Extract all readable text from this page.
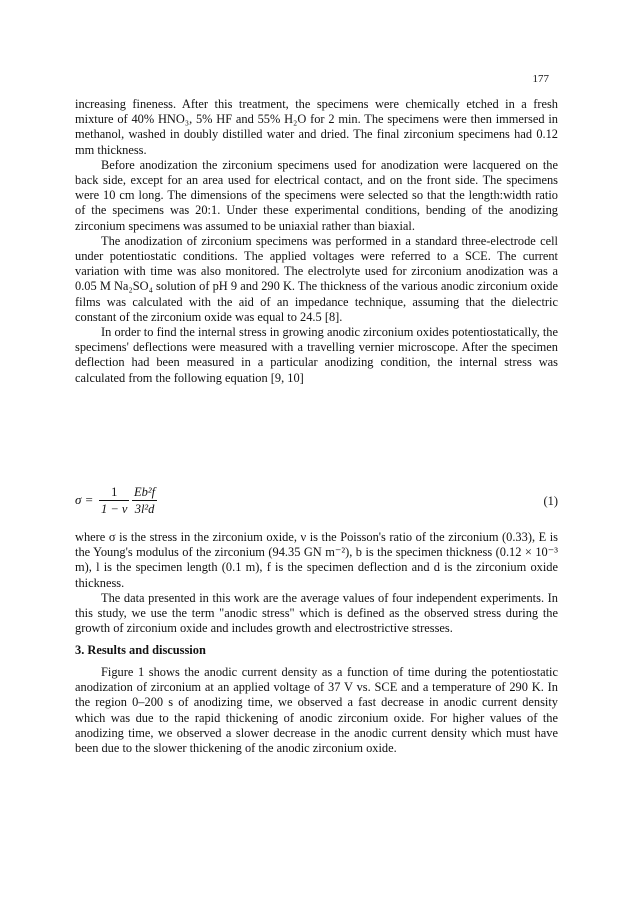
177

increasing fineness. After this treatment, the specimens were chemically etched in a fresh mixture of 40% HNO₃, 5% HF and 55% H₂O for 2 min. The specimens were then immersed in methanol, washed in doubly distilled water and dried. The final zirconium specimens had 0.12 mm thickness.

Before anodization the zirconium specimens used for anodization were lacquered on the back side, except for an area used for electrical contact, and on the front side. The specimens were 10 cm long. The dimensions of the specimens were selected so that the length:width ratio of the specimens was 20:1. Under these experimental conditions, bending of the anodizing zirconium specimens was assumed to be uniaxial rather than biaxial.

The anodization of zirconium specimens was performed in a standard three-electrode cell under potentiostatic conditions. The applied voltages were referred to a SCE. The current variation with time was also monitored. The electrolyte used for zirconium anodization was a 0.05 M Na₂SO₄ solution of pH 9 and 290 K. The thickness of the various anodic zirconium oxide films was calculated with the aid of an impedance technique, assuming that the dielectric constant of the zirconium oxide was equal to 24.5 [8].

In order to find the internal stress in growing anodic zirconium oxides potentiostatically, the specimens' deflections were measured with a travelling vernier microscope. After the specimen deflection had been measured in a particular anodizing condition, the internal stress was calculated from the following equation [9, 10]

$\sigma = \frac{1}{1 - \nu} \frac{\text{Eb²f}}{\text{3l²d}}$	(1)

where σ is the stress in the zirconium oxide, ν is the Poisson's ratio of the zirconium (0.33), E is the Young's modulus of the zirconium (94.35 GN m⁻²), b is the specimen thickness (0.12 × 10⁻³ m), l is the specimen length (0.1 m), f is the specimen deflection and d is the zirconium oxide thickness.

The data presented in this work are the average values of four independent experiments. In this study, we use the term "anodic stress" which is defined as the observed stress during the growth of zirconium oxide and includes growth and electrostrictive stresses.

3. Results and discussion

Figure 1 shows the anodic current density as a function of time during the potentiostatic anodization of zirconium at an applied voltage of 37 V vs. SCE and a temperature of 290 K. In the region 0–200 s of anodizing time, we observed a fast decrease in anodic current density which was due to the rapid thickening of anodic zirconium oxide. For higher values of the anodizing time, we observed a slower decrease in the anodic current density which must have been due to the slower thickening of the anodic zirconium oxide.
